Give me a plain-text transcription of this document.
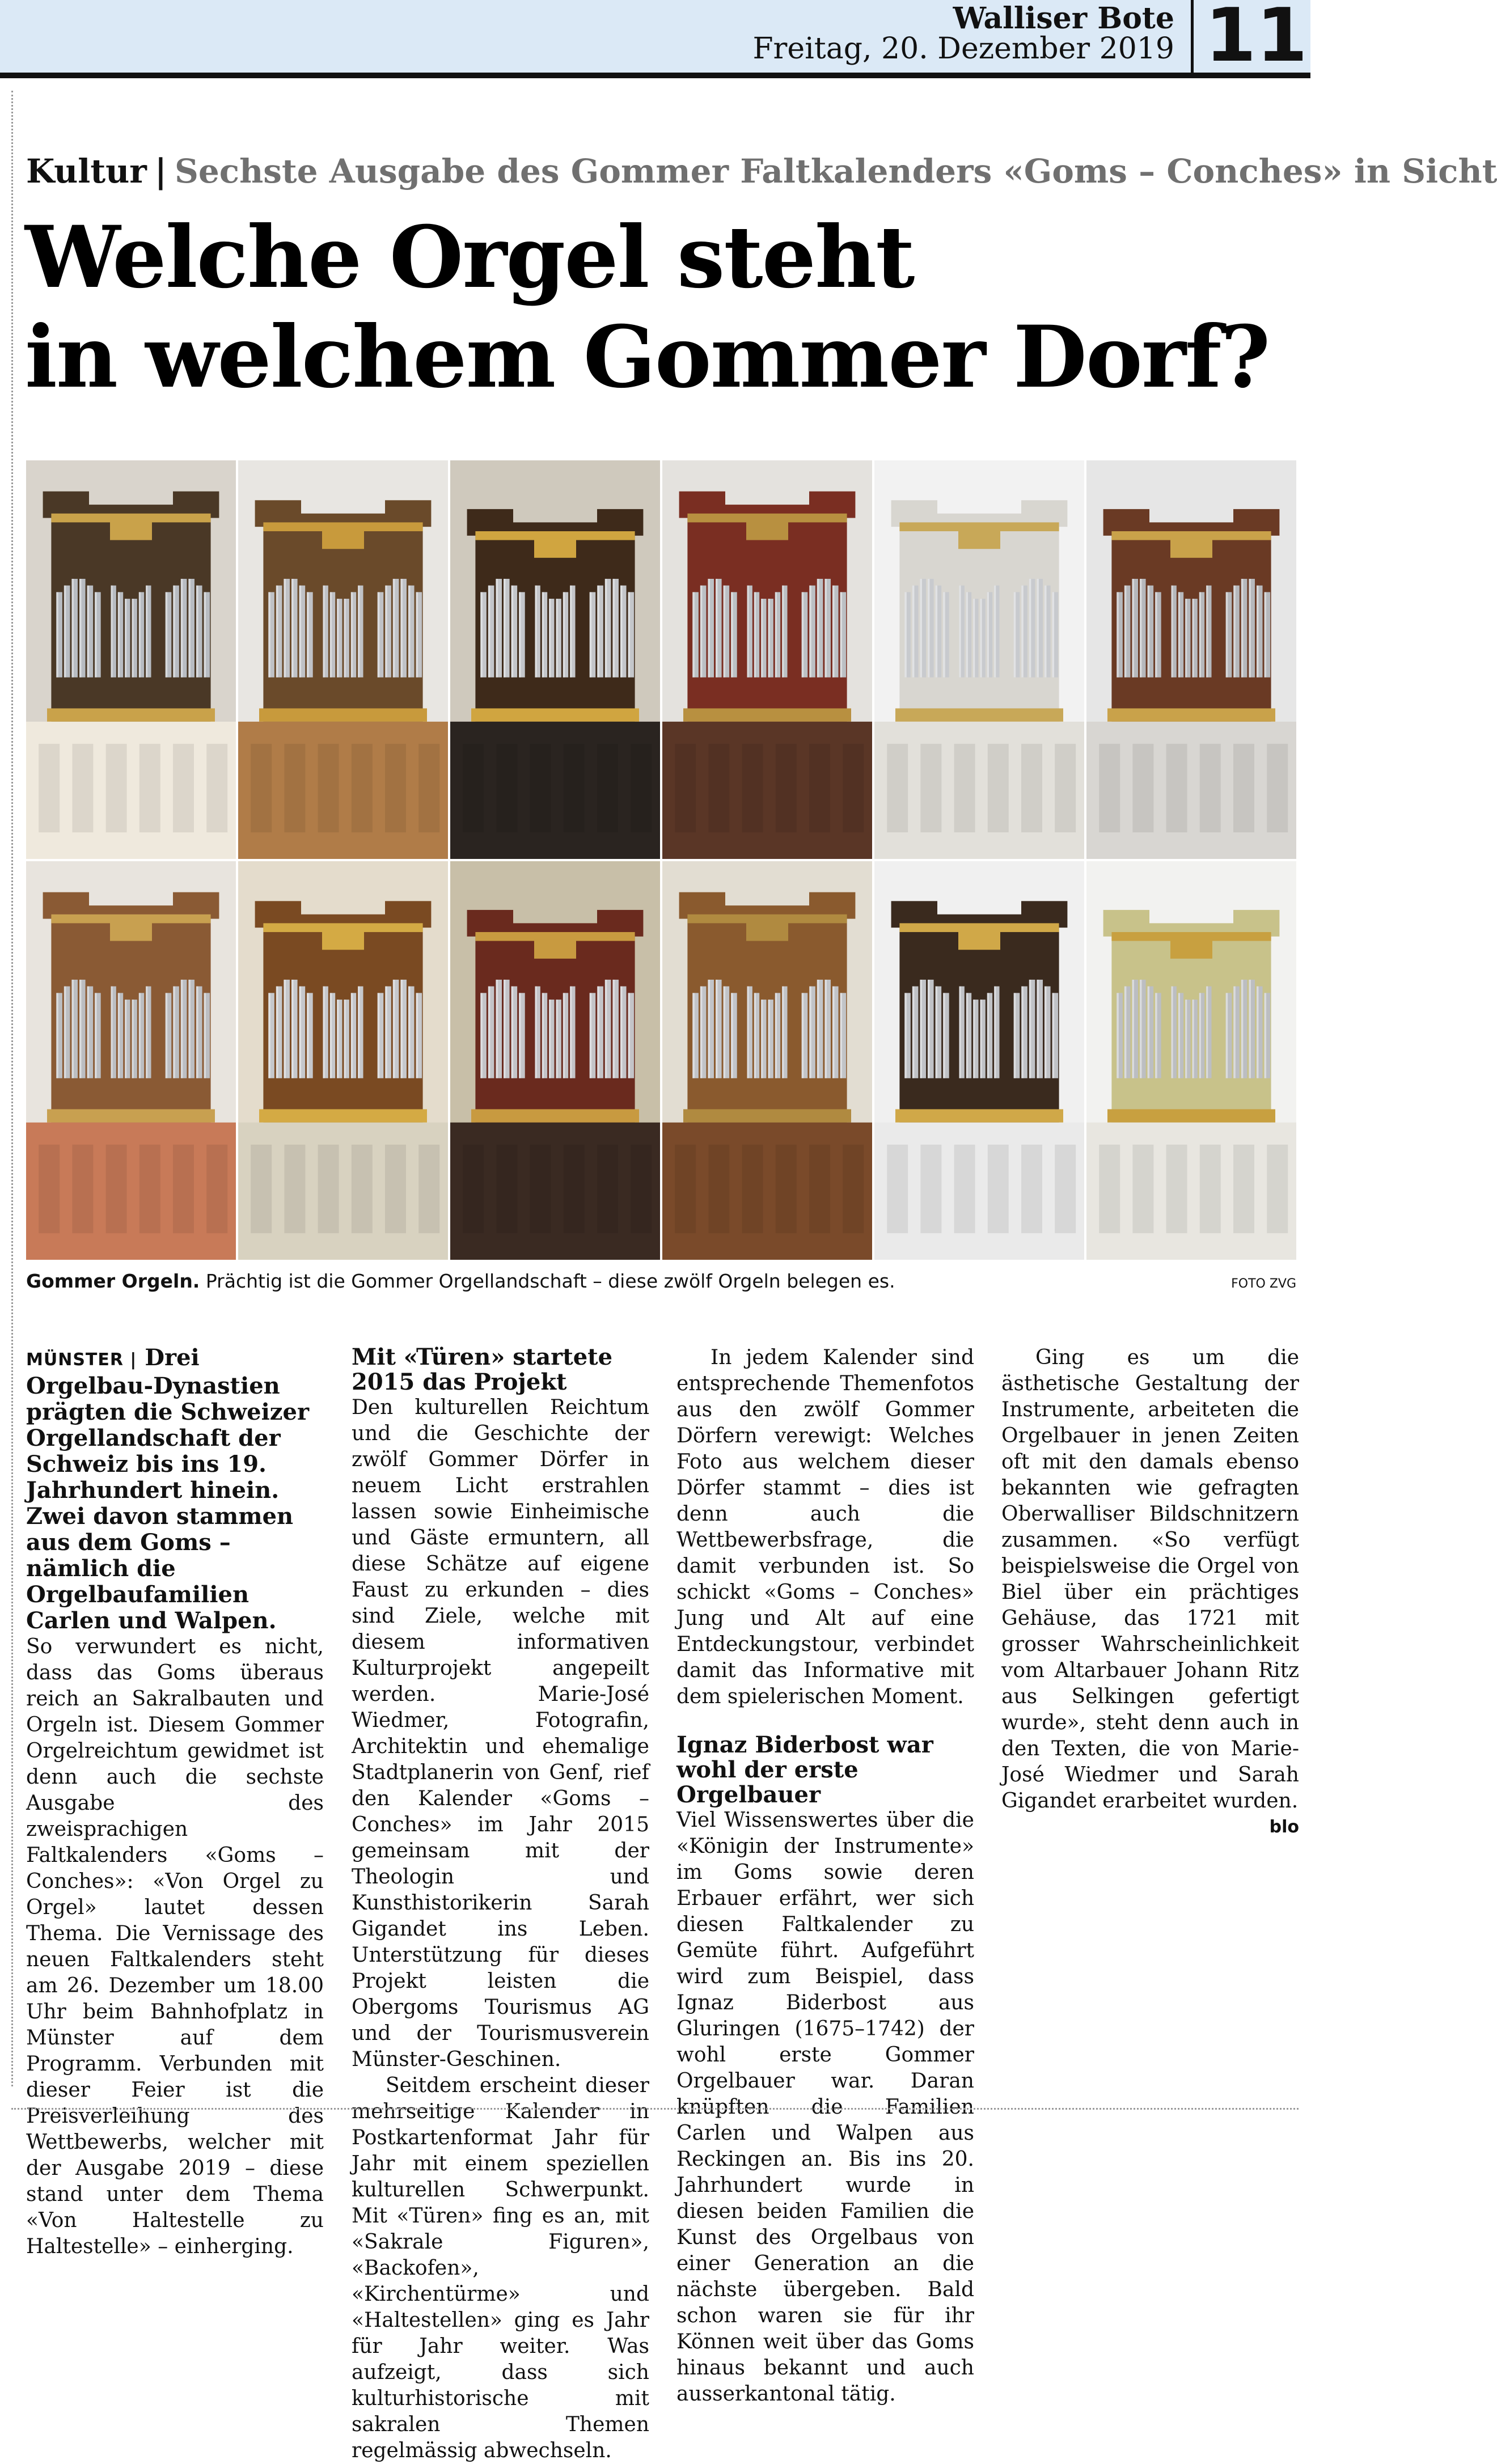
Walliser Bote
Freitag, 20. Dezember 2019 11
Kultur | Sechste Ausgabe des Gommer Faltkalenders «Goms – Conches» in Sicht
Welche Orgel steht
in welchem Gommer Dorf?
Gommer Orgeln. Prächtig ist die Gommer Orgellandschaft – diese zwölf Orgeln belegen es.	FOTO ZVG

MÜNSTER | Drei Orgelbau-Dynastien prägten die Schweizer Orgellandschaft der Schweiz bis ins 19. Jahrhundert hinein. Zwei davon stammen aus dem Goms – nämlich die Orgelbaufamilien Carlen und Walpen.

So verwundert es nicht, dass das Goms überaus reich an Sakralbauten und Orgeln ist. Diesem Gommer Orgelreichtum gewidmet ist denn auch die sechste Ausgabe des zweisprachigen Faltkalenders «Goms – Conches»: «Von Orgel zu Orgel» lautet dessen Thema. Die Vernissage des neuen Faltkalenders steht am 26. Dezember um 18.00 Uhr beim Bahnhofplatz in Münster auf dem Programm. Verbunden mit dieser Feier ist die Preisverleihung des Wettbewerbs, welcher mit der Ausgabe 2019 – diese stand unter dem Thema «Von Haltestelle zu Haltestelle» – einherging.

Mit «Türen» startete 2015 das Projekt

Den kulturellen Reichtum und die Geschichte der zwölf Gommer Dörfer in neuem Licht erstrahlen lassen sowie Einheimische und Gäste ermuntern, all diese Schätze auf eigene Faust zu erkunden – dies sind Ziele, welche mit diesem informativen Kulturprojekt angepeilt werden. Marie-José Wiedmer, Fotografin, Architektin und ehemalige Stadtplanerin von Genf, rief den Kalender «Goms – Conches» im Jahr 2015 gemeinsam mit der Theologin und Kunsthistorikerin Sarah Gigandet ins Leben. Unterstützung für dieses Projekt leisten die Obergoms Tourismus AG und der Tourismusverein Münster-Geschinen.

Seitdem erscheint dieser mehrseitige Kalender in Postkartenformat Jahr für Jahr mit einem speziellen kulturellen Schwerpunkt. Mit «Türen» fing es an, mit «Sakrale Figuren», «Backofen», «Kirchentürme» und «Haltestellen» ging es Jahr für Jahr weiter. Was aufzeigt, dass sich kulturhistorische mit sakralen Themen regelmässig abwechseln.

In jedem Kalender sind entsprechende Themenfotos aus den zwölf Gommer Dörfern verewigt: Welches Foto aus welchem dieser Dörfer stammt – dies ist denn auch die Wettbewerbsfrage, die damit verbunden ist. So schickt «Goms – Conches» Jung und Alt auf eine Entdeckungstour, verbindet damit das Informative mit dem spielerischen Moment.

Ignaz Biderbost war wohl der erste Orgelbauer

Viel Wissenswertes über die «Königin der Instrumente» im Goms sowie deren Erbauer erfährt, wer sich diesen Faltkalender zu Gemüte führt. Aufgeführt wird zum Beispiel, dass Ignaz Biderbost aus Gluringen (1675–1742) der wohl erste Gommer Orgelbauer war. Daran knüpften die Familien Carlen und Walpen aus Reckingen an. Bis ins 20. Jahrhundert wurde in diesen beiden Familien die Kunst des Orgelbaus von einer Generation an die nächste übergeben. Bald schon waren sie für ihr Können weit über das Goms hinaus bekannt und auch ausserkantonal tätig.

Ging es um die ästhetische Gestaltung der Instrumente, arbeiteten die Orgelbauer in jenen Zeiten oft mit den damals ebenso bekannten wie gefragten Oberwalliser Bildschnitzern zusammen. «So verfügt beispielsweise die Orgel von Biel über ein prächtiges Gehäuse, das 1721 mit grosser Wahrscheinlichkeit vom Altarbauer Johann Ritz aus Selkingen gefertigt wurde», steht denn auch in den Texten, die von Marie-José Wiedmer und Sarah Gigandet erarbeitet wurden.
blo
